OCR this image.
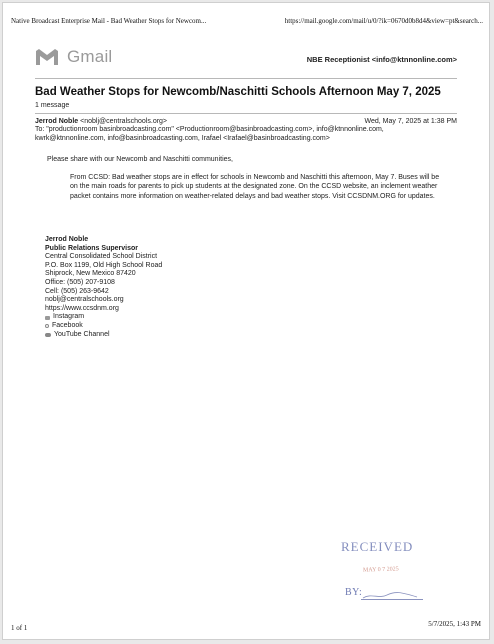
Native Broadcast Enterprise Mail - Bad Weather Stops for Newcom...	https://mail.google.com/mail/u/0/?ik=0670d0b8d4&view=pt&search...
Gmail	NBE Receptionist <info@ktnnonline.com>
Bad Weather Stops for Newcomb/Naschitti Schools Afternoon May 7, 2025
1 message
Jerrod Noble <noblj@centralschools.org>	Wed, May 7, 2025 at 1:38 PM
To: "productionroom basinbroadcasting.com" <Productionroom@basinbroadcasting.com>, info@ktnnonline.com,
kwrk@ktnnonline.com, info@basinbroadcasting.com, Irafael <Irafael@basinbroadcasting.com>
Please share with our Newcomb and Naschitti communities,
From CCSD: Bad weather stops are in effect for schools in Newcomb and Naschitti this afternoon, May 7. Buses will be on the main roads for parents to pick up students at the designated zone. On the CCSD website, an inclement weather packet contains more information on weather-related delays and bad weather stops. Visit CCSDNM.ORG for updates.
Jerrod Noble
Public Relations Supervisor
Central Consolidated School District
P.O. Box 1199, Old High School Road
Shiprock, New Mexico 87420
Office: (505) 207-9108
Cell: (505) 263-9642
noblj@centralschools.org
https://www.ccsdnm.org
Instagram
Facebook
YouTube Channel
RECEIVED
MAY 0 7 2025
BY:
1 of 1	5/7/2025, 1:43 PM
